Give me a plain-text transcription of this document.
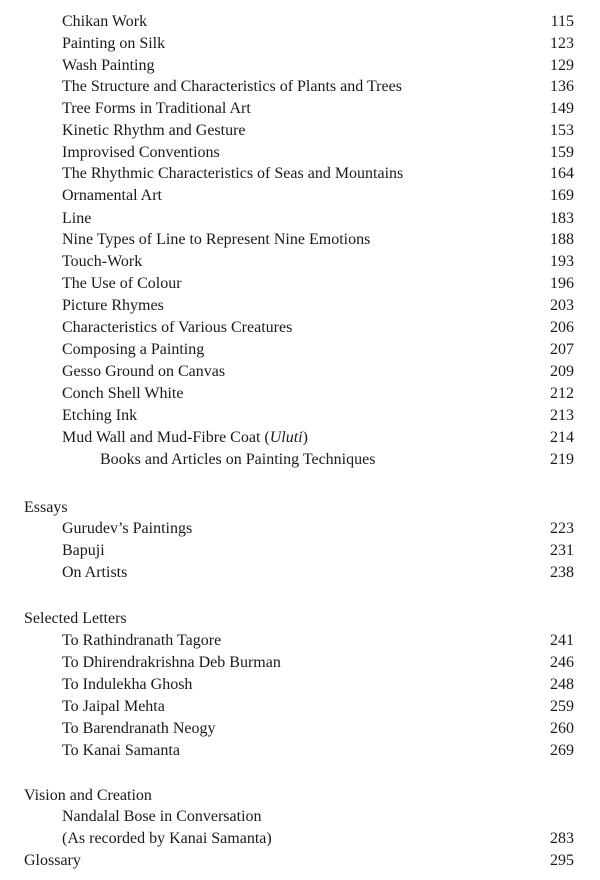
Chikan Work	115
Painting on Silk	123
Wash Painting	129
The Structure and Characteristics of Plants and Trees	136
Tree Forms in Traditional Art	149
Kinetic Rhythm and Gesture	153
Improvised Conventions	159
The Rhythmic Characteristics of Seas and Mountains	164
Ornamental Art	169
Line	183
Nine Types of Line to Represent Nine Emotions	188
Touch-Work	193
The Use of Colour	196
Picture Rhymes	203
Characteristics of Various Creatures	206
Composing a Painting	207
Gesso Ground on Canvas	209
Conch Shell White	212
Etching Ink	213
Mud Wall and Mud-Fibre Coat (Uluti)	214
Books and Articles on Painting Techniques	219
Essays
Gurudev’s Paintings	223
Bapuji	231
On Artists	238
Selected Letters
To Rathindranath Tagore	241
To Dhirendrakrishna Deb Burman	246
To Indulekha Ghosh	248
To Jaipal Mehta	259
To Barendranath Neogy	260
To Kanai Samanta	269
Vision and Creation
Nandalal Bose in Conversation
(As recorded by Kanai Samanta)	283
Glossary	295
